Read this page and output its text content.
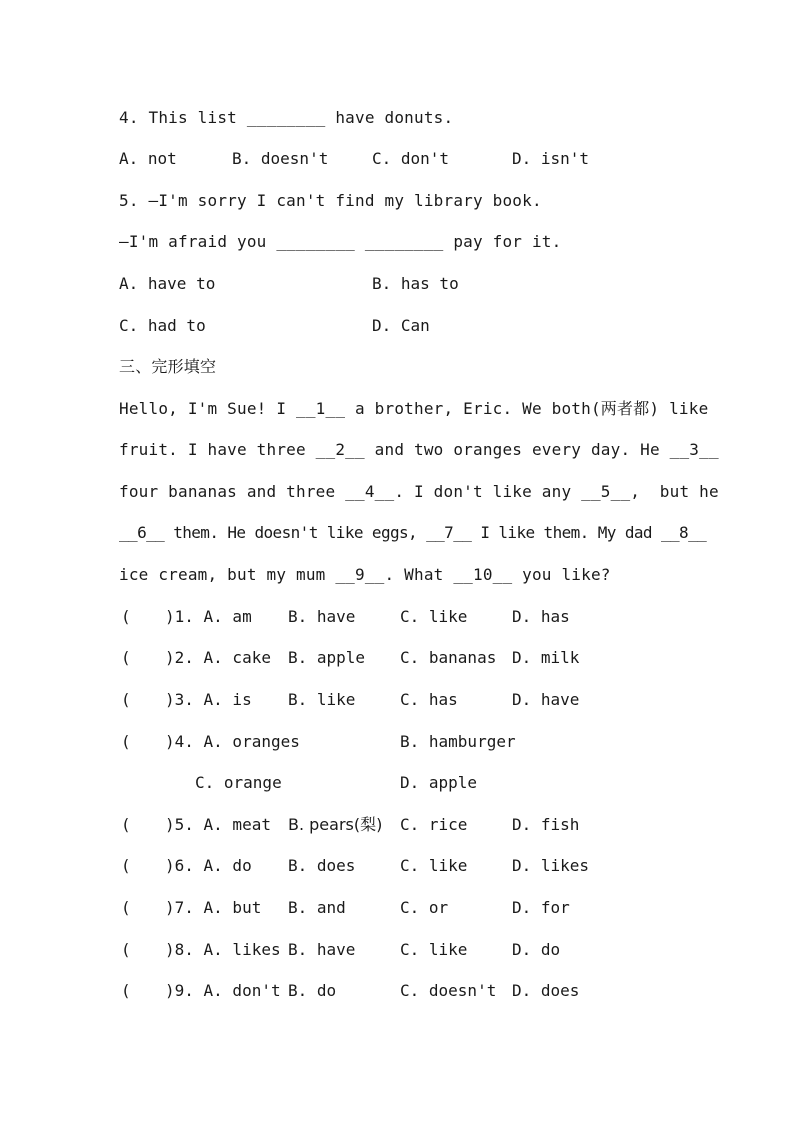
4. This list ________ have donuts.
A. not	B. doesn't	C. don't	D. isn't
5. —I'm sorry I can't find my library book.
—I'm afraid you ________ ________ pay for it.
A. have to	B. has to
C. had to	D. Can
三、完形填空
Hello, I'm Sue! I __1__ a brother, Eric. We both(两者都) like
fruit. I have three __2__ and two oranges every day. He __3__
four bananas and three __4__. I don't like any __5__,  but he
__6__ them. He doesn't like eggs, __7__ I like them. My dad __8__
ice cream, but my mum __9__. What __10__ you like?
( )1. A. am B. have	C. like	D. has
( )2. A. cake B. apple C. bananas D. milk
( )3. A. is B. like	C. has	D. have
( )4. A. oranges	B. hamburger
C. orange	D. apple
( )5. A. meat B. pears(梨) C. rice	D. fish
( )6. A. do B. does	C. like	D. likes
( )7. A. but B. and	C. or	D. for
( )8. A. likes B. have	C. like	D. do
( )9. A. don't B. do	C. doesn't D. does
